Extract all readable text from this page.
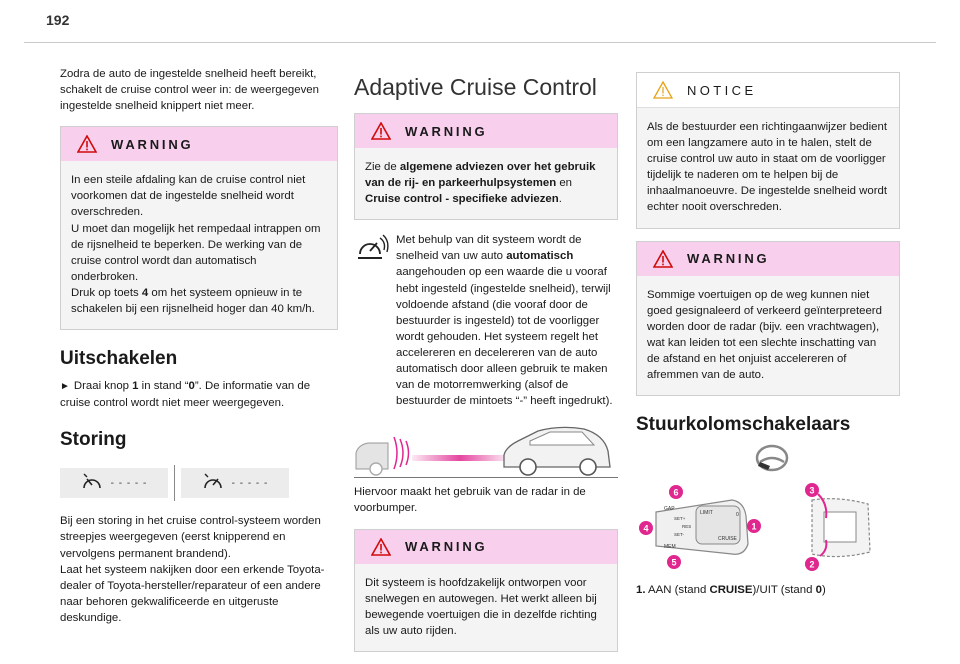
192

Zodra de auto de ingestelde snelheid heeft bereikt, schakelt de cruise control weer in: de weergegeven ingestelde snelheid knippert niet meer.

WARNING

In een steile afdaling kan de cruise control niet voorkomen dat de ingestelde snelheid wordt overschreden.

U moet dan mogelijk het rempedaal intrappen om de rijsnelheid te beperken. De werking van de cruise control wordt dan automatisch onderbroken.

Druk op toets 4 om het systeem opnieuw in te schakelen bij een rijsnelheid hoger dan 40 km/h.

Uitschakelen

► Draai knop 1 in stand “0”. De informatie van de cruise control wordt niet meer weergegeven.

Storing
- - - - -	- - - - -

Bij een storing in het cruise control-systeem worden streepjes weergegeven (eerst knipperend en vervolgens permanent brandend).

Laat het systeem nakijken door een erkende Toyota-dealer of Toyota-hersteller/reparateur of een andere naar behoren gekwalificeerde en uitgeruste deskundige.

Adaptive Cruise Control
WARNING

Zie de algemene adviezen over het gebruik van de rij- en parkeerhulpsystemen en Cruise control - specifieke adviezen.

Met behulp van dit systeem wordt de snelheid van uw auto automatisch aangehouden op een waarde die u vooraf hebt ingesteld (ingestelde snelheid), terwijl voldoende afstand (die vooraf door de bestuurder is ingesteld) tot de voorligger wordt gehouden. Het systeem regelt het accelereren en decelereren van de auto automatisch door alleen gebruik te maken van de motorremwerking (alsof de bestuurder de mintoets “-” heeft ingedrukt).

Hiervoor maakt het gebruik van de radar in de voorbumper.

WARNING

Dit systeem is hoofdzakelijk ontworpen voor snelwegen en autowegen. Het werkt alleen bij bewegende voertuigen die in dezelfde richting als uw auto rijden.

NOTICE

Als de bestuurder een richtingaanwijzer bedient om een langzamere auto in te halen, stelt de cruise control uw auto in staat om de voorligger tijdelijk te naderen om te helpen bij de inhaalmanoeuvre. De ingestelde snelheid wordt echter nooit overschreden.

WARNING

Sommige voertuigen op de weg kunnen niet goed gesignaleerd of verkeerd geïnterpreteerd worden door de radar (bijv. een vrachtwagen), wat kan leiden tot een slechte inschatting van de afstand en het onjuist accelereren of afremmen van de auto.

Stuurkolomschakelaars
LIMIT
CRUISE
GAP
MEM
SET+
SET-
RES
0
1
4
5
6	3
2

1. AAN (stand CRUISE)/UIT (stand 0)
